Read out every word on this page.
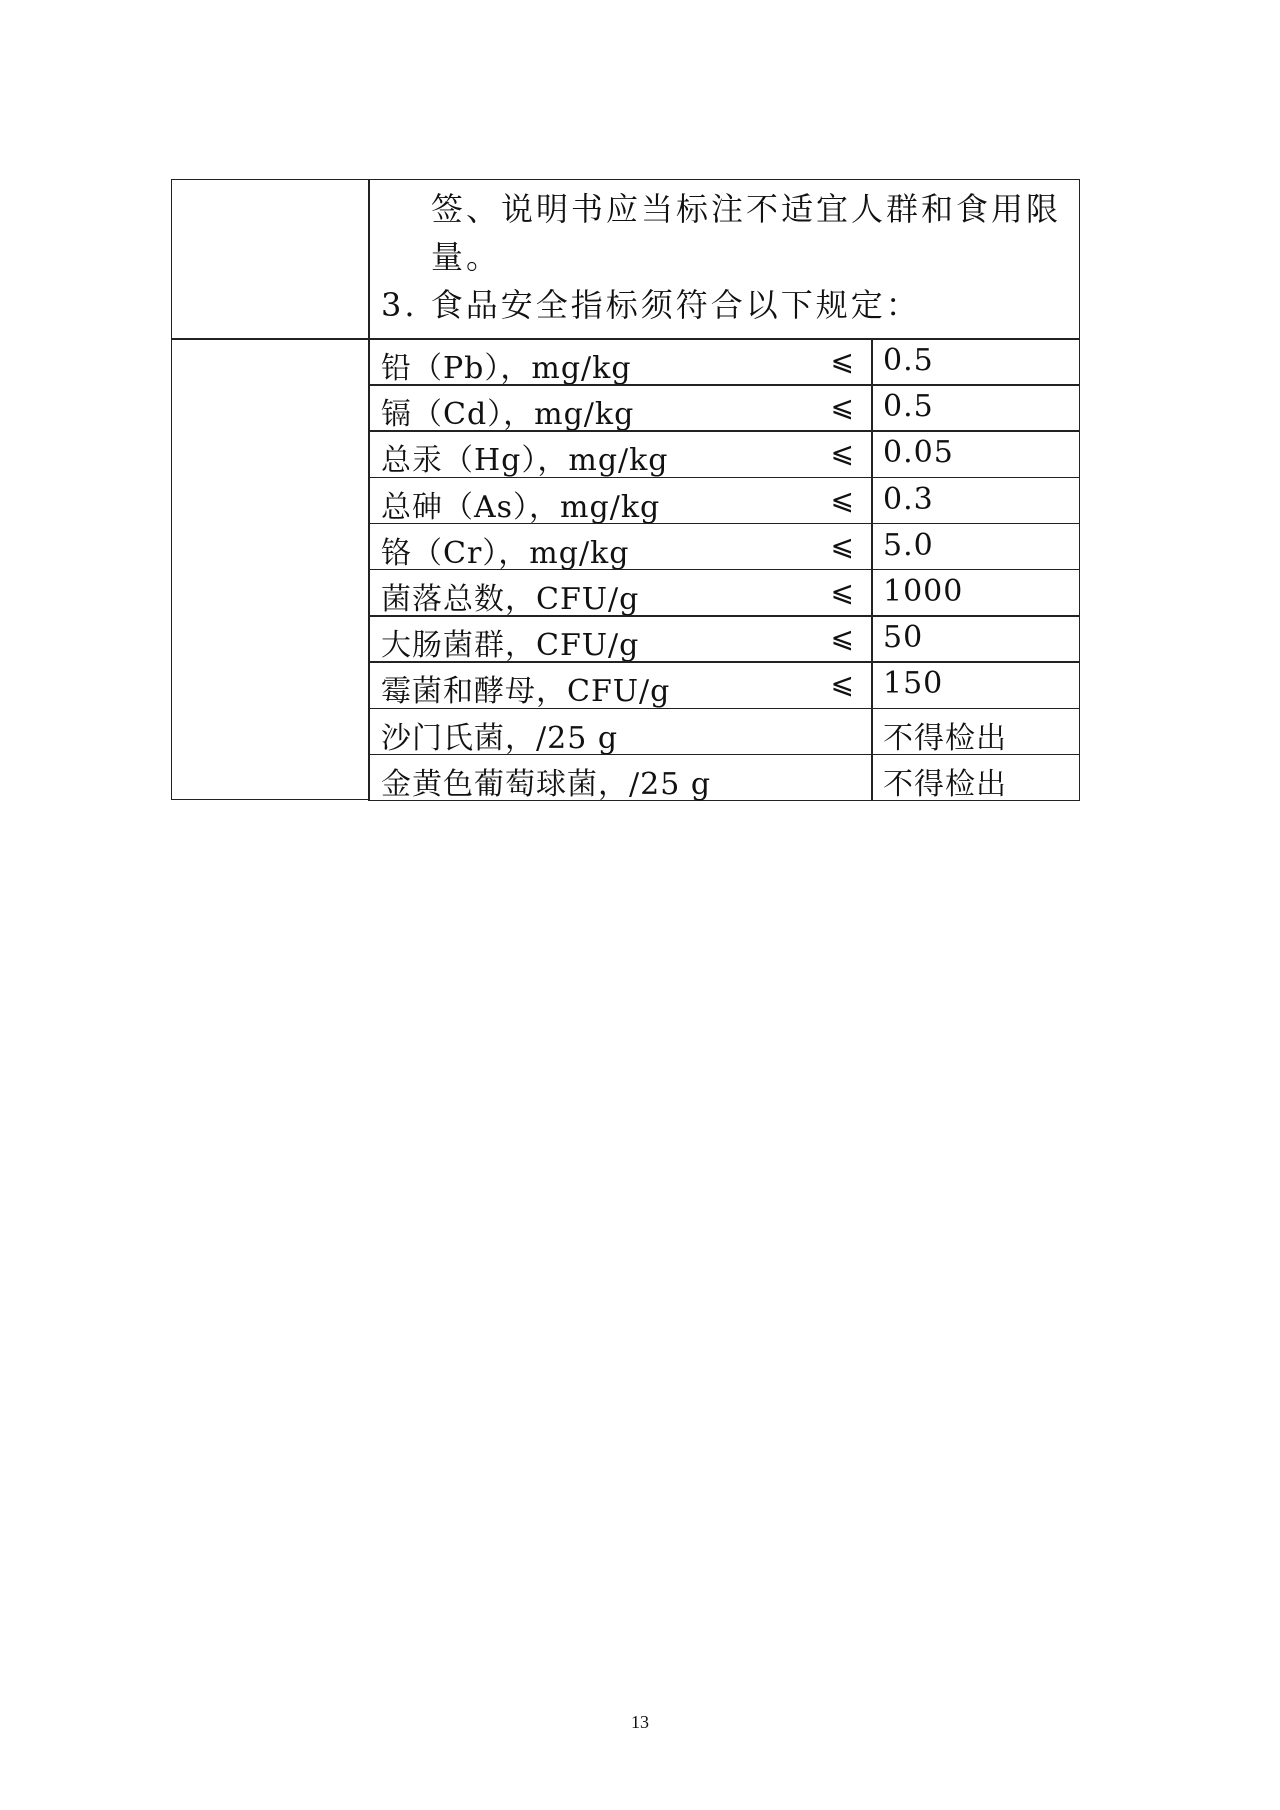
签、说明书应当标注不适宜人群和食用限
量。
3. 食品安全指标须符合以下规定：
铅（Pb），mg/kg	⩽ 0.5
镉（Cd），mg/kg	⩽ 0.5
总汞（Hg），mg/kg	⩽ 0.05
总砷（As），mg/kg	⩽ 0.3
铬（Cr），mg/kg	⩽ 5.0
菌落总数，CFU/g	⩽ 1000
大肠菌群，CFU/g	⩽ 50
霉菌和酵母，CFU/g	⩽ 150
沙门氏菌，/25 g	不得检出
金黄色葡萄球菌，/25 g	不得检出
13
